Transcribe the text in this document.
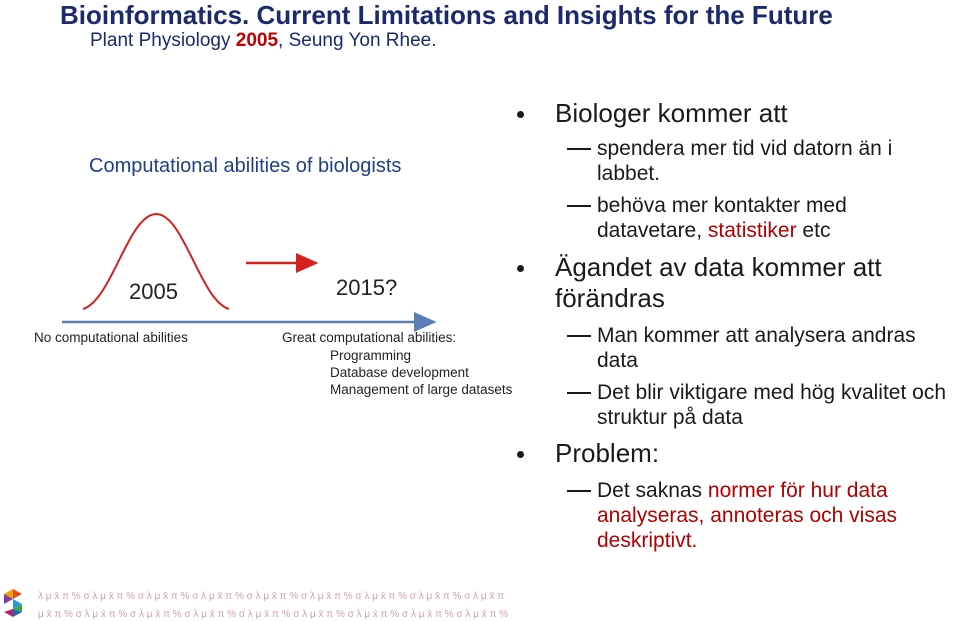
Bioinformatics. Current Limitations and Insights for the Future
Plant Physiology 2005, Seung Yon Rhee.
Computational abilities of biologists
2005	2015?
No computational abilities	Great computational abilities:
Programming
Database development
Management of large datasets
Biologer kommer att
spendera mer tid vid datorn än i labbet.
behöva mer kontakter med datavetare, statistiker etc
Ägandet av data kommer att förändras
Man kommer att analysera andras data
Det blir viktigare med hög kvalitet och struktur på data
Problem:
Det saknas normer för hur data analyseras, annoteras och visas deskriptivt.
λ μ x̄ π % σ λ μ x̄ π % σ λ μ x̄ π % σ λ μ x̄ π % σ λ μ x̄ π % σ λ μ x̄ π % σ λ μ x̄ π % σ λ μ x̄ π % σ λ μ x̄ π
μ x̄ π % σ λ μ x̄ π % σ λ μ x̄ π % σ λ μ x̄ π % σ λ μ x̄ π % σ λ μ x̄ π % σ λ μ x̄ π % σ λ μ x̄ π % σ λ μ x̄ π %
